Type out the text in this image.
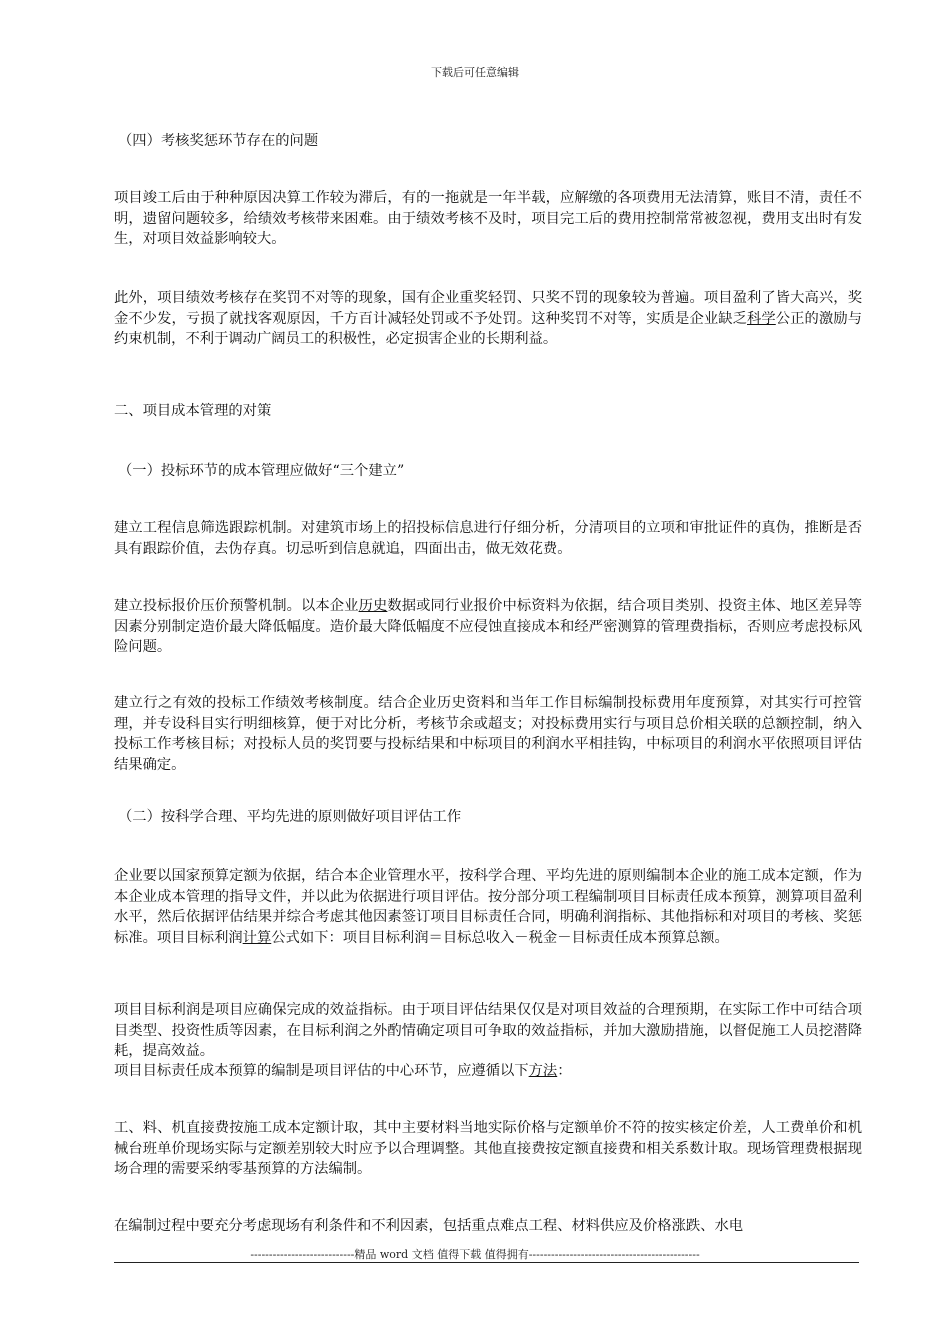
下载后可任意编辑
（四）考核奖惩环节存在的问题
项目竣工后由于种种原因决算工作较为滞后，有的一拖就是一年半载，应解缴的各项费用无法清算，账目不清，责任不明，遗留问题较多，给绩效考核带来困难。由于绩效考核不及时，项目完工后的费用控制常常被忽视，费用支出时有发生，对项目效益影响较大。
此外，项目绩效考核存在奖罚不对等的现象，国有企业重奖轻罚、只奖不罚的现象较为普遍。项目盈利了皆大高兴，奖金不少发，亏损了就找客观原因，千方百计减轻处罚或不予处罚。这种奖罚不对等，实质是企业缺乏科学公正的激励与约束机制，不利于调动广阔员工的积极性，必定损害企业的长期利益。
二、项目成本管理的对策
（一）投标环节的成本管理应做好“三个建立”
建立工程信息筛选跟踪机制。对建筑市场上的招投标信息进行仔细分析，分清项目的立项和审批证件的真伪，推断是否具有跟踪价值，去伪存真。切忌听到信息就追，四面出击，做无效花费。
建立投标报价压价预警机制。以本企业历史数据或同行业报价中标资料为依据，结合项目类别、投资主体、地区差异等因素分别制定造价最大降低幅度。造价最大降低幅度不应侵蚀直接成本和经严密测算的管理费指标，否则应考虑投标风险问题。
建立行之有效的投标工作绩效考核制度。结合企业历史资料和当年工作目标编制投标费用年度预算，对其实行可控管理，并专设科目实行明细核算，便于对比分析，考核节余或超支；对投标费用实行与项目总价相关联的总额控制，纳入投标工作考核目标；对投标人员的奖罚要与投标结果和中标项目的利润水平相挂钩，中标项目的利润水平依照项目评估结果确定。
（二）按科学合理、平均先进的原则做好项目评估工作
企业要以国家预算定额为依据，结合本企业管理水平，按科学合理、平均先进的原则编制本企业的施工成本定额，作为本企业成本管理的指导文件，并以此为依据进行项目评估。按分部分项工程编制项目目标责任成本预算，测算项目盈利水平，然后依据评估结果并综合考虑其他因素签订项目目标责任合同，明确利润指标、其他指标和对项目的考核、奖惩标准。项目目标利润计算公式如下：项目目标利润＝目标总收入－税金－目标责任成本预算总额。
项目目标利润是项目应确保完成的效益指标。由于项目评估结果仅仅是对项目效益的合理预期，在实际工作中可结合项目类型、投资性质等因素，在目标利润之外酌情确定项目可争取的效益指标，并加大激励措施，以督促施工人员挖潜降耗，提高效益。
项目目标责任成本预算的编制是项目评估的中心环节，应遵循以下方法：
工、料、机直接费按施工成本定额计取，其中主要材料当地实际价格与定额单价不符的按实核定价差，人工费单价和机械台班单价现场实际与定额差别较大时应予以合理调整。其他直接费按定额直接费和相关系数计取。现场管理费根据现场合理的需要采纳零基预算的方法编制。
在编制过程中要充分考虑现场有利条件和不利因素，包括重点难点工程、材料供应及价格涨跌、水电
----------------------------精品 word 文档 值得下载 值得拥有----------------------------------------------
